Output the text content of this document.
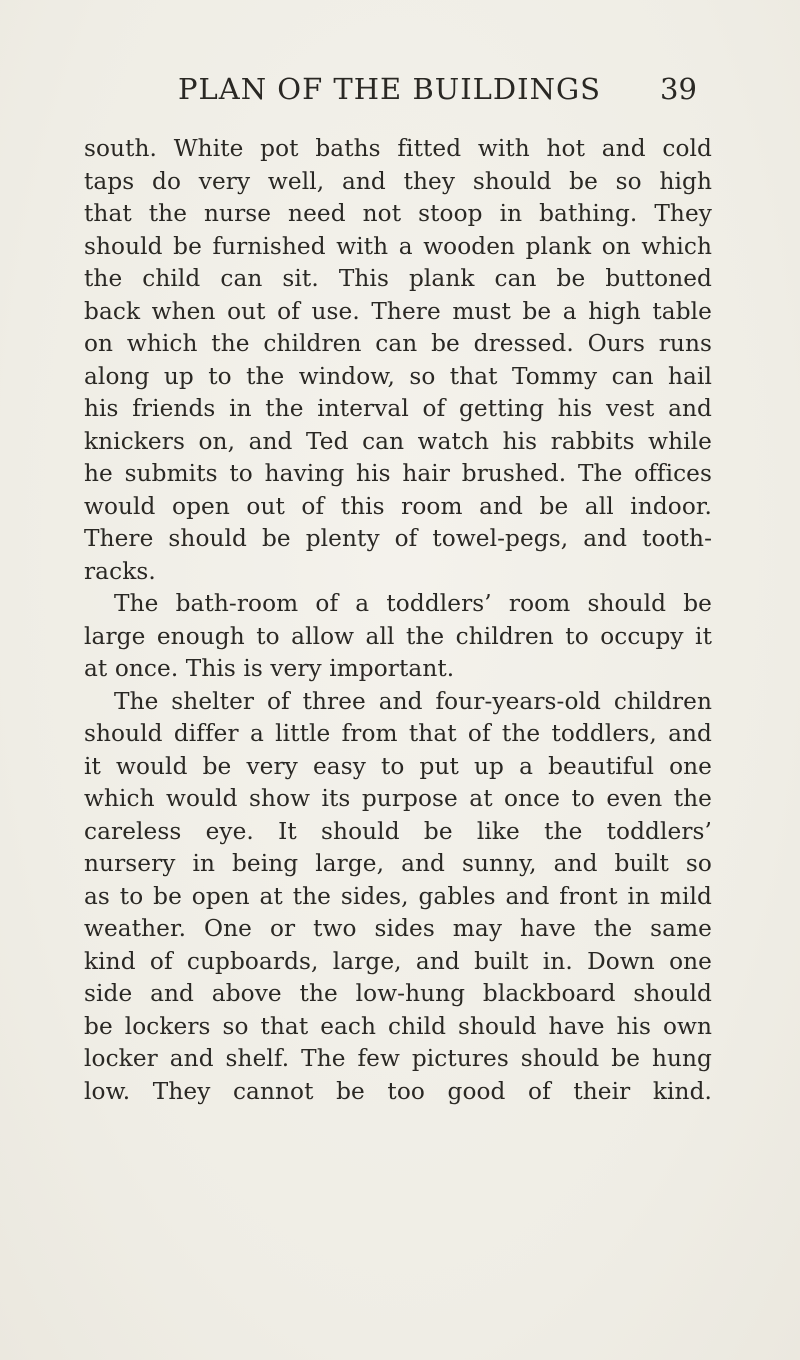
PLAN OF THE BUILDINGS 39
south. White pot baths fitted with hot and cold
taps do very well, and they should be so high
that the nurse need not stoop in bathing. They
should be furnished with a wooden plank on which
the child can sit. This plank can be buttoned
back when out of use. There must be a high table
on which the children can be dressed. Ours runs
along up to the window, so that Tommy can hail
his friends in the interval of getting his vest and
knickers on, and Ted can watch his rabbits while
he submits to having his hair brushed. The offices
would open out of this room and be all indoor.
There should be plenty of towel-pegs, and tooth-
racks.
The bath-room of a toddlers’ room should be
large enough to allow all the children to occupy it
at once. This is very important.
The shelter of three and four-years-old children
should differ a little from that of the toddlers, and
it would be very easy to put up a beautiful one
which would show its purpose at once to even the
careless eye. It should be like the toddlers’
nursery in being large, and sunny, and built so
as to be open at the sides, gables and front in mild
weather. One or two sides may have the same
kind of cupboards, large, and built in. Down one
side and above the low-hung blackboard should
be lockers so that each child should have his own
locker and shelf. The few pictures should be hung
low. They cannot be too good of their kind.
